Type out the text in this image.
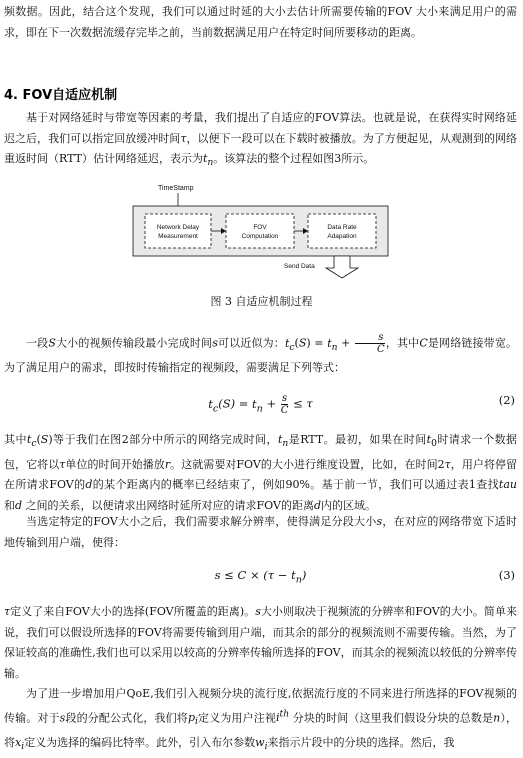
频数据。因此，结合这个发现，我们可以通过时延的大小去估计所需要传输的FOV 大小来满足用户的需求，即在下一次数据流缓存完毕之前，当前数据满足用户在特定时间所要移动的距离。

4. FOV自适应机制

基于对网络延时与带宽等因素的考量，我们提出了自适应的FOV算法。也就是说，在获得实时网络延迟之后，我们可以指定回放缓冲时间τ，以便下一段可以在下载时被播放。为了方便起见，从观测到的网络重返时间（RTT）估计网络延迟，表示为$t_n$。该算法的整个过程如图3所示。

TimeStamp
Network Delay
Measurement
FOV
Computation
Data Rate
Adapation
Send Data

图 3 自适应机制过程

一段S大小的视频传输段最小完成时间s可以近似为：$t_c(S) = t_n + \frac{s}{C}$ ，其中C是网络链接带宽。为了满足用户的需求，即按时传输指定的视频段，需要满足下列等式：

$t_c(S) = t_n + \frac{s}{C} \le \tau$	(2)

其中$t_c(S)$等于我们在图2部分中所示的网络完成时间，$t_n$是RTT。最初，如果在时间$t_0$时请求一个数据包，它将以τ单位的时间开始播放r。这就需要对FOV的大小进行维度设置，比如，在时间2τ，用户将停留在所请求FOV的d的某个距离内的概率已经结束了，例如90%。基于前一节，我们可以通过表1查找tau 和d 之间的关系，以便请求出网络时延所对应的请求FOV的距离d内的区域。

当选定特定的FOV大小之后，我们需要求解分辨率，使得满足分段大小s，在对应的网络带宽下适时地传输到用户端，使得：

$s \le C \times (\tau - t_n)$	(3)

τ定义了来自FOV大小的选择(FOV所覆盖的距离)。s大小则取决于视频流的分辨率和FOV的大小。简单来说，我们可以假设所选择的FOV将需要传输到用户端，而其余的部分的视频流则不需要传输。当然，为了保证较高的准确性,我们也可以采用以较高的分辨率传输所选择的FOV，而其余的视频流以较低的分辨率传输。

为了进一步增加用户QoE,我们引入视频分块的流行度,依据流行度的不同来进行所选择的FOV视频的传输。对于s段的分配公式化，我们将$p_i$定义为用户注视$i^{th}$ 分块的时间（这里我们假设分块的总数是n），将$x_i$定义为选择的编码比特率。此外，引入布尔参数$w_i$来指示片段中的分块的选择。然后，我
